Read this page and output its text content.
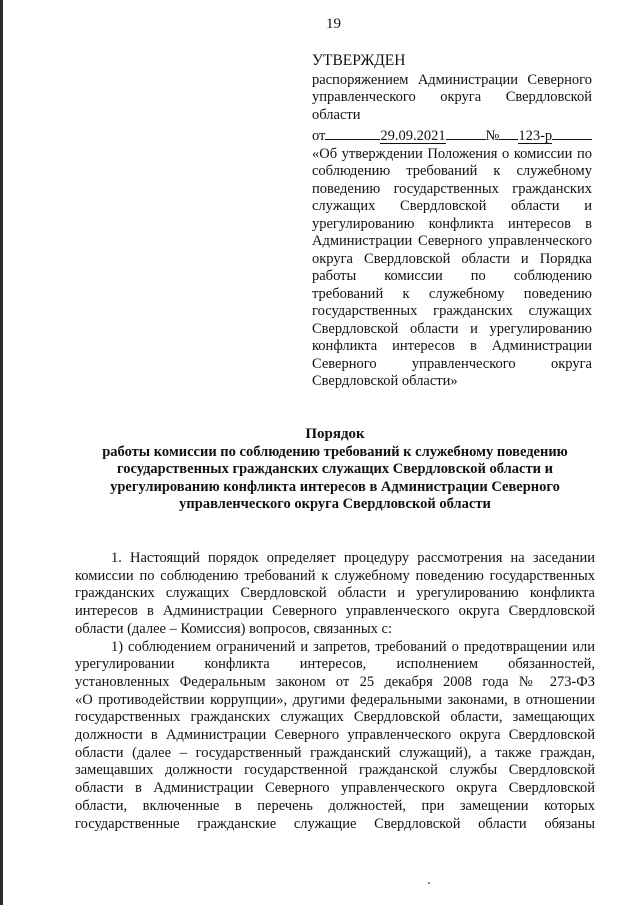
19
УТВЕРЖДЕН
распоряжением Администрации Северного
управленческого округа Свердловской
области
от	29.09.2021	№ 123-р
«Об утверждении Положения о комиссии по
соблюдению требований к служебному
поведению государственных гражданских
служащих Свердловской области и
урегулированию конфликта интересов в
Администрации Северного управленческого
округа Свердловской области и Порядка
работы комиссии по соблюдению
требований к служебному поведению
государственных гражданских служащих
Свердловской области и урегулированию
конфликта интересов в Администрации
Северного управленческого округа
Свердловской области»
Порядок
работы комиссии по соблюдению требований к служебному поведению
государственных гражданских служащих Свердловской области и
урегулированию конфликта интересов в Администрации Северного
управленческого округа Свердловской области
1. Настоящий порядок определяет процедуру рассмотрения на заседании
комиссии по соблюдению требований к служебному поведению государственных
гражданских служащих Свердловской области и урегулированию конфликта
интересов в Администрации Северного управленческого округа Свердловской
области (далее – Комиссия) вопросов, связанных с:
1) соблюдением ограничений и запретов, требований о предотвращении или
урегулировании конфликта интересов, исполнением обязанностей,
установленных Федеральным законом от 25 декабря 2008 года № 273-ФЗ
«О противодействии коррупции», другими федеральными законами, в отношении
государственных гражданских служащих Свердловской области, замещающих
должности в Администрации Северного управленческого округа Свердловской
области (далее – государственный гражданский служащий), а также граждан,
замещавших должности государственной гражданской службы Свердловской
области в Администрации Северного управленческого округа Свердловской
области, включенные в перечень должностей, при замещении которых
государственные гражданские служащие Свердловской области обязаны
